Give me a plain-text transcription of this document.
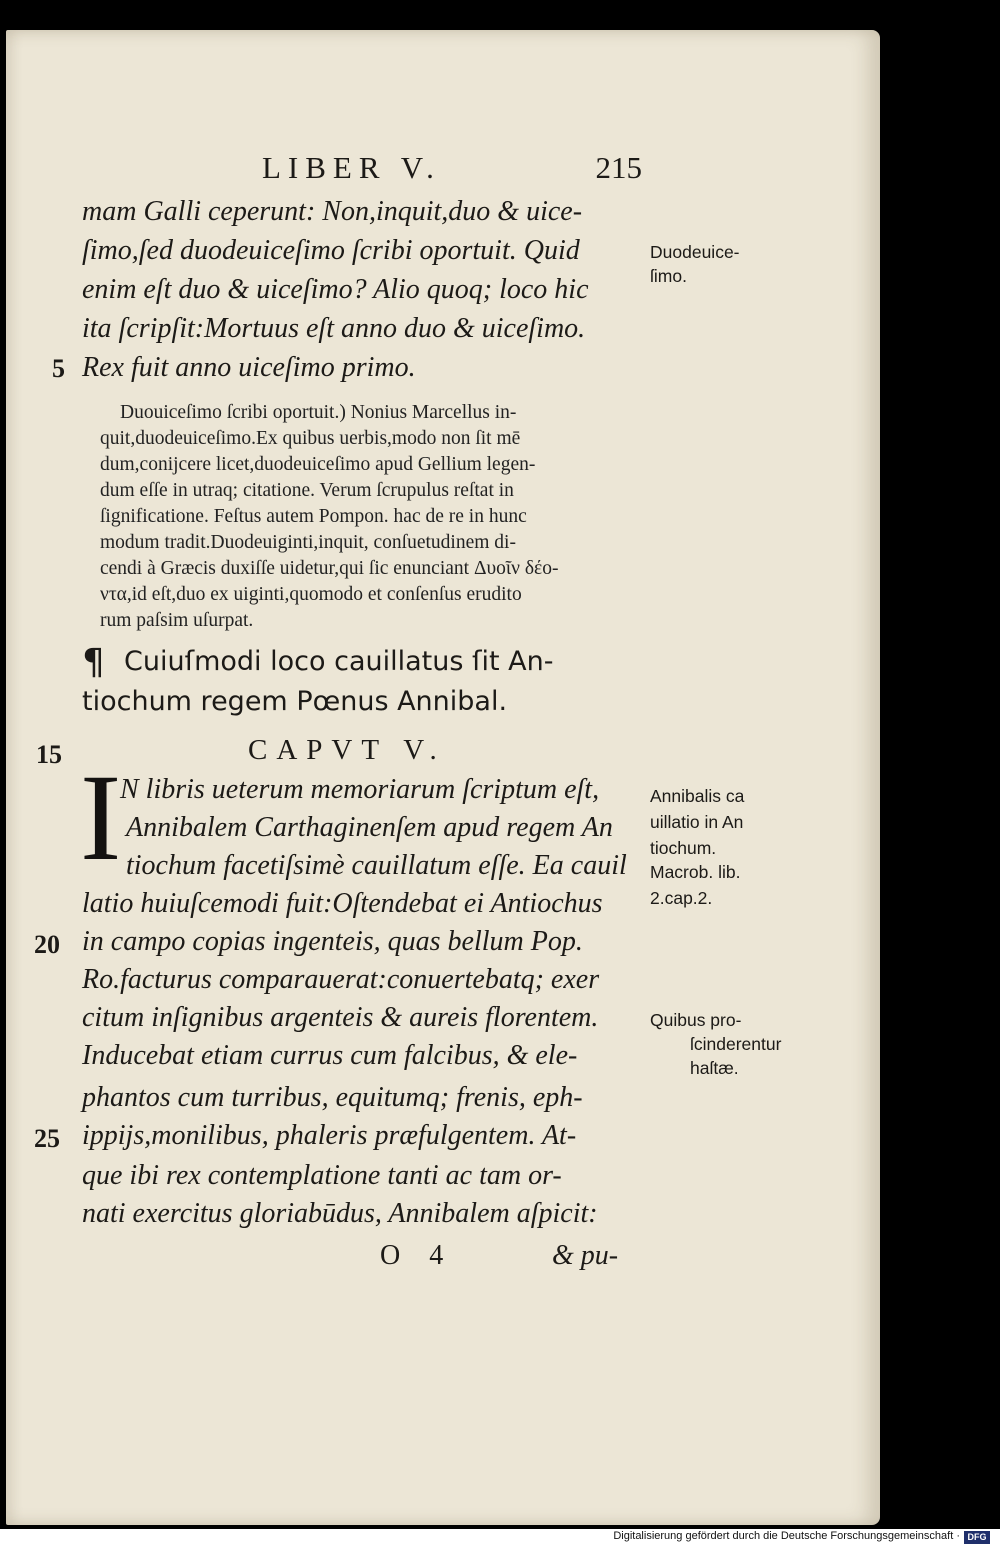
LIBER V.	215
mam Galli ceperunt: Non,inquit,duo & uice-
ſimo,ſed duodeuiceſimo ſcribi oportuit. Quid
enim eſt duo & uiceſimo? Alio quoq; loco hic
ita ſcripſit:Mortuus eſt anno duo & uiceſimo.
Rex fuit anno uiceſimo primo.
Duouiceſimo ſcribi oportuit.) Nonius Marcellus in-
quit,duodeuiceſimo.Ex quibus uerbis,modo non ſit mē
dum,conijcere licet,duodeuiceſimo apud Gellium legen-
dum eſſe in utraq; citatione. Verum ſcrupulus reſtat in
ſignificatione. Feſtus autem Pompon. hac de re in hunc
modum tradit.Duodeuiginti,inquit, conſuetudinem di-
cendi à Græcis duxiſſe uidetur,qui ſic enunciant Δυοῖν δέο-
ντα,id eſt,duo ex uiginti,quomodo et conſenſus erudito
rum paſsim uſurpat.
¶ Cuiuſmodi loco cauillatus ſit An-
tiochum regem Pœnus Annibal.
CAPVT V.
I
N libris ueterum memoriarum ſcriptum eſt,
Annibalem Carthaginenſem apud regem An
tiochum facetiſsimè cauillatum eſſe. Ea cauil
latio huiuſcemodi fuit:Oſtendebat ei Antiochus
in campo copias ingenteis, quas bellum Pop.
Ro.facturus comparauerat:conuertebatq; exer
citum inſignibus argenteis & aureis florentem.
Inducebat etiam currus cum falcibus, & ele-
phantos cum turribus, equitumq; frenis, eph-
ippijs,monilibus, phaleris præfulgentem. At-
que ibi rex contemplatione tanti ac tam or-
nati exercitus gloriabūdus, Annibalem aſpicit:
5
15
20
25
Duodeuice-
ſimo.
Annibalis ca
uillatio in An
tiochum.
Macrob. lib.
2.cap.2.
Quibus pro-
ſcinderentur
haſtæ.
O 4	& pu-
Digitalisierung gefördert durch die Deutsche Forschungsgemeinschaft · DFG
